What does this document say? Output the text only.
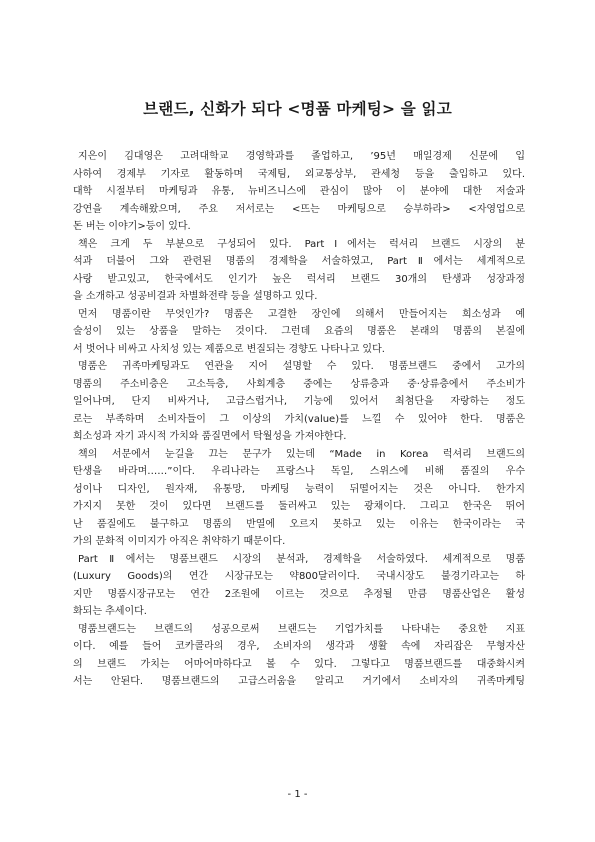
브랜드, 신화가 되다 <명품 마케팅> 을 읽고
지은이 김대영은 고려대학교 경영학과를 졸업하고, ’95년 매일경제 신문에 입
사하여 경제부 기자로 활동하며 국제팀, 외교통상부, 관세청 등을 출입하고 있다.
대학 시절부터 마케팅과 유통, 뉴비즈니스에 관심이 많아 이 분야에 대한 저술과
강연을 계속해왔으며, 주요 저서로는 <뜨는 마케팅으로 승부하라> <자영업으로
돈 버는 이야기>등이 있다.
책은 크게 두 부분으로 구성되어 있다. PartⅠ에서는 럭셔리 브랜드 시장의 분
석과 더불어 그와 관련된 명품의 경제학을 서술하였고, PartⅡ에서는 세계적으로
사랑 받고있고, 한국에서도 인기가 높은 럭셔리 브랜드 30개의 탄생과 성장과정
을 소개하고 성공비결과 차별화전략 등을 설명하고 있다.
먼저 명품이란 무엇인가? 명품은 고결한 장인에 의해서 만들어지는 희소성과 예
술성이 있는 상품을 말하는 것이다. 그런데 요즘의 명품은 본래의 명품의 본질에
서 벗어나 비싸고 사치성 있는 제품으로 변질되는 경향도 나타나고 있다.
명품은 귀족마케팅과도 연관을 지어 설명할 수 있다. 명품브랜드 중에서 고가의
명품의 주소비층은 고소득층, 사회계층 중에는 상류층과 중·상류층에서 주소비가
일어나며, 단지 비싸거나, 고급스럽거나, 기능에 있어서 최첨단을 자랑하는 정도
로는 부족하며 소비자들이 그 이상의 가치(value)를 느낄 수 있어야 한다. 명품은
희소성과 자기 과시적 가치와 품질면에서 탁월성을 가져야한다.
책의 서문에서 눈길을 끄는 문구가 있는데 “Made in Korea 럭셔리 브랜드의
탄생을 바라며……”이다. 우리나라는 프랑스나 독일, 스위스에 비해 품질의 우수
성이나 디자인, 원자재, 유통망, 마케팅 능력이 뒤떨어지는 것은 아니다. 한가지
가지지 못한 것이 있다면 브랜드를 둘러싸고 있는 광채이다. 그리고 한국은 뛰어
난 품질에도 불구하고 명품의 반열에 오르지 못하고 있는 이유는 한국이라는 국
가의 문화적 이미지가 아직은 취약하기 때문이다.
PartⅡ에서는 명품브랜드 시장의 분석과, 경제학을 서술하였다. 세계적으로 명품
(Luxury Goods)의 연간 시장규모는 약800달러이다. 국내시장도 불경기라고는 하
지만 명품시장규모는 연간 2조원에 이르는 것으로 추정될 만큼 명품산업은 활성
화되는 추세이다.
명품브랜드는 브랜드의 성공으로써 브랜드는 기업가치를 나타내는 중요한 지표
이다. 예를 들어 코카콜라의 경우, 소비자의 생각과 생활 속에 자리잡은 무형자산
의 브랜드 가치는 어마어마하다고 볼 수 있다. 그렇다고 명품브랜드를 대중화시켜
서는 안된다. 명품브랜드의 고급스러움을 알리고 거기에서 소비자의 귀족마케팅
- 1 -
